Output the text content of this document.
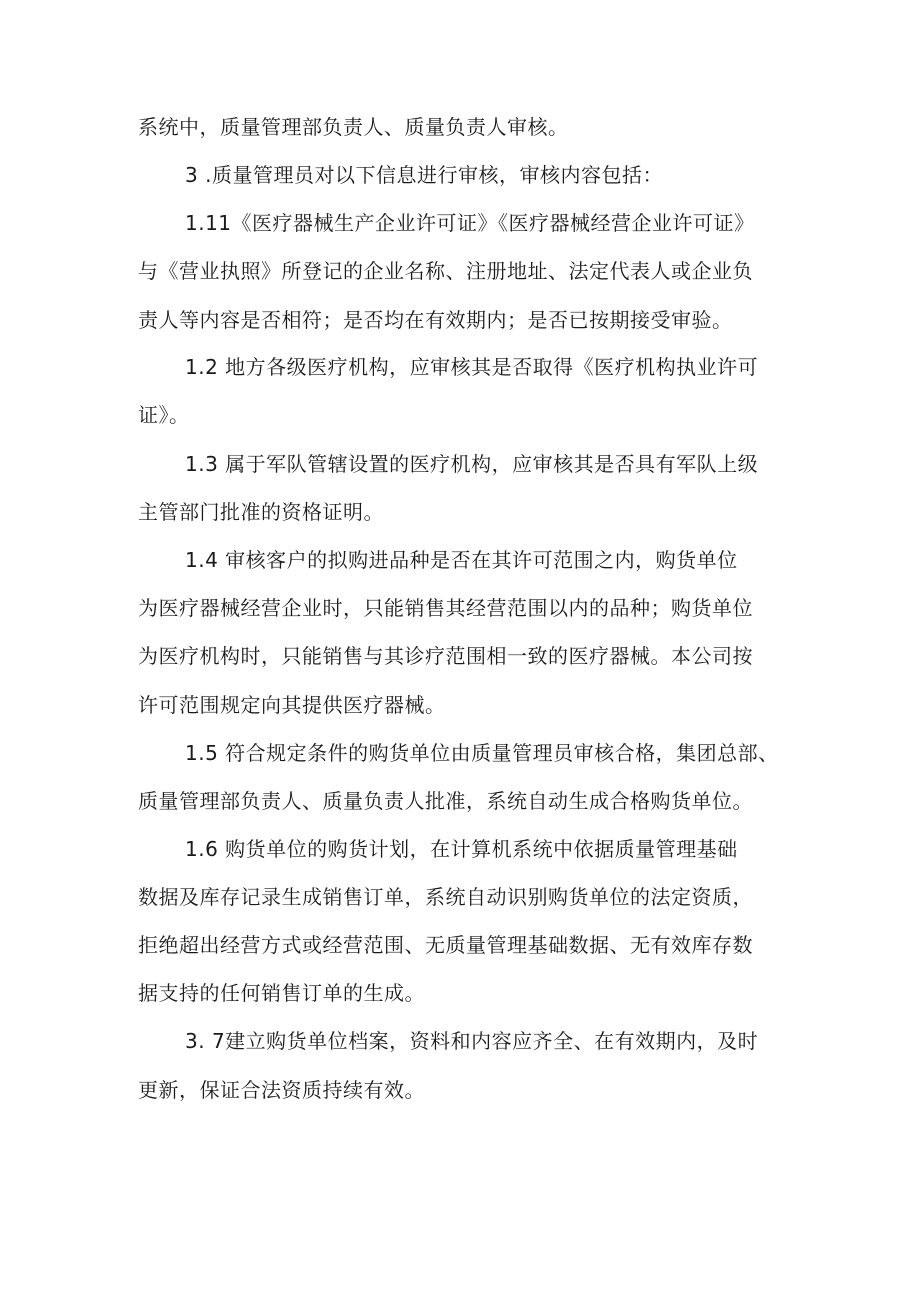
系统中，质量管理部负责人、质量负责人审核。
3 .质量管理员对以下信息进行审核，审核内容包括：
1.11《医疗器械生产企业许可证》《医疗器械经营企业许可证》
与《营业执照》所登记的企业名称、注册地址、法定代表人或企业负
责人等内容是否相符；是否均在有效期内；是否已按期接受审验。
1.2 地方各级医疗机构，应审核其是否取得《医疗机构执业许可
证》。
1.3 属于军队管辖设置的医疗机构，应审核其是否具有军队上级
主管部门批准的资格证明。
1.4 审核客户的拟购进品种是否在其许可范围之内，购货单位
为医疗器械经营企业时，只能销售其经营范围以内的品种；购货单位
为医疗机构时，只能销售与其诊疗范围相一致的医疗器械。本公司按
许可范围规定向其提供医疗器械。
1.5 符合规定条件的购货单位由质量管理员审核合格，集团总部、
质量管理部负责人、质量负责人批准，系统自动生成合格购货单位。
1.6 购货单位的购货计划，在计算机系统中依据质量管理基础
数据及库存记录生成销售订单，系统自动识别购货单位的法定资质，
拒绝超出经营方式或经营范围、无质量管理基础数据、无有效库存数
据支持的任何销售订单的生成。
3. 7建立购货单位档案，资料和内容应齐全、在有效期内，及时
更新，保证合法资质持续有效。
